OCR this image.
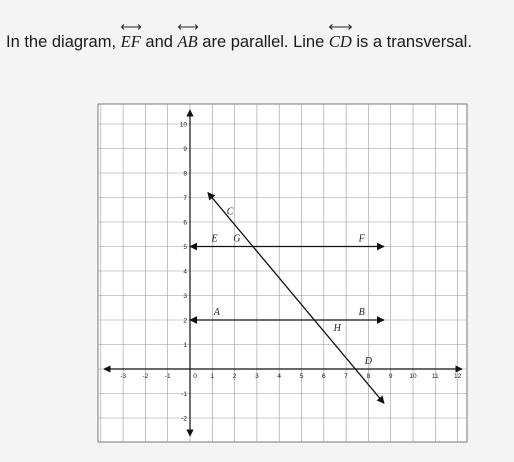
In the diagram,
EF and
AB are parallel. Line
CD is a transversal.

-3	-2	-1	0 1	2	3	4	5	6	7	8	9	10 11 12
10
9
8
7
6
5
4
3
2
1
-1
-2
C
E G	F
A	B
H
D
